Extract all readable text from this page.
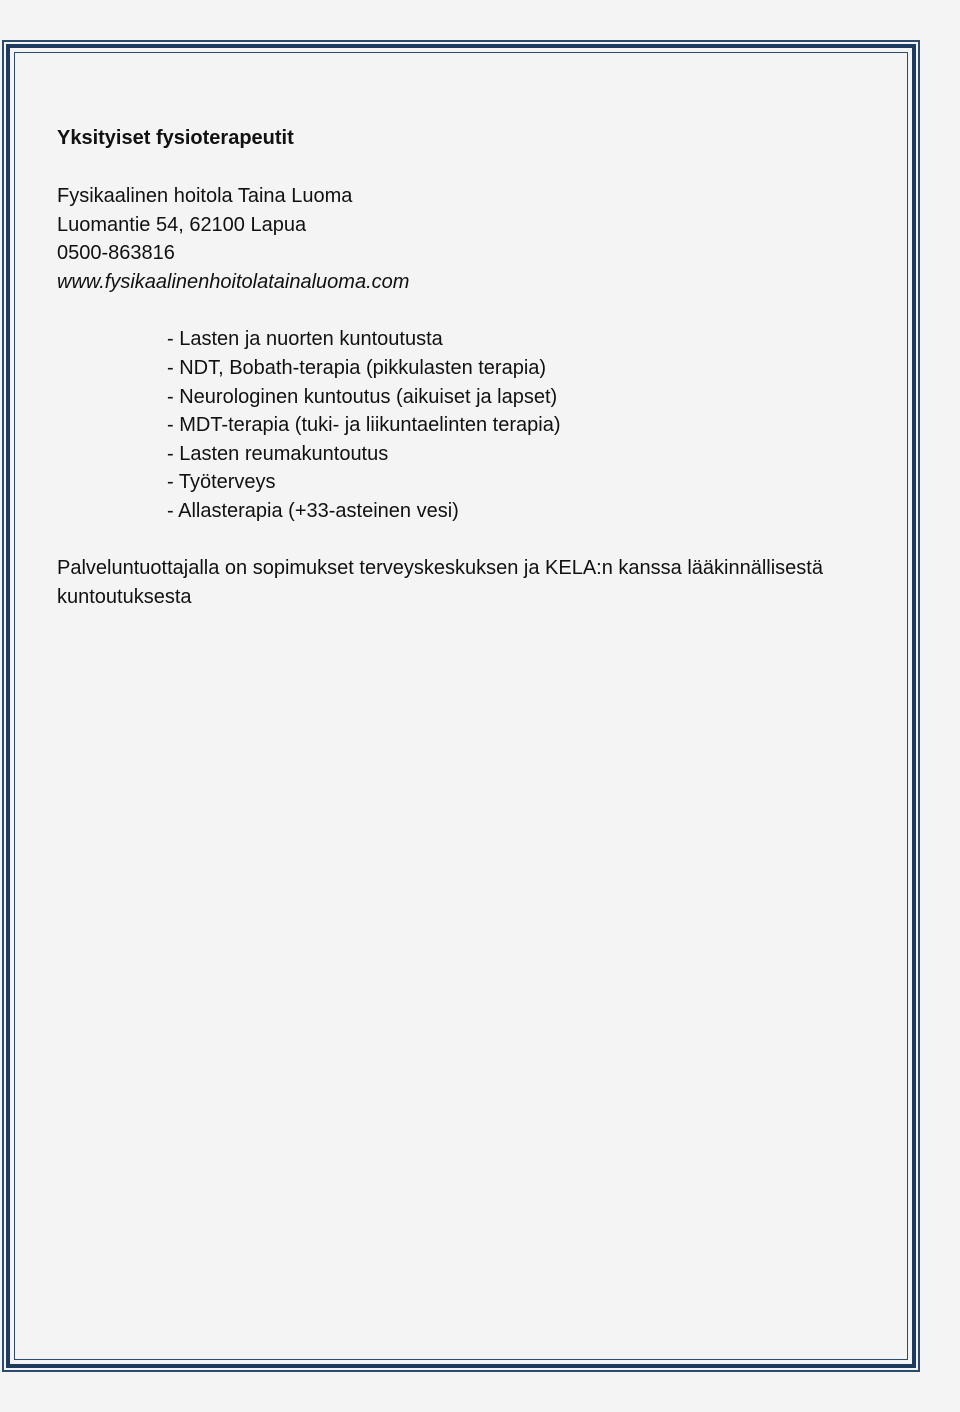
Yksityiset fysioterapeutit
Fysikaalinen hoitola Taina Luoma
Luomantie 54, 62100 Lapua
0500-863816
www.fysikaalinenhoitolatainaluoma.com
- Lasten ja nuorten kuntoutusta
- NDT, Bobath-terapia (pikkulasten terapia)
- Neurologinen kuntoutus (aikuiset ja lapset)
- MDT-terapia (tuki- ja liikuntaelinten terapia)
- Lasten reumakuntoutus
- Työterveys
- Allasterapia (+33-asteinen vesi)
Palveluntuottajalla on sopimukset terveyskeskuksen ja KELA:n kanssa lääkinnällisestä kuntoutuksesta
